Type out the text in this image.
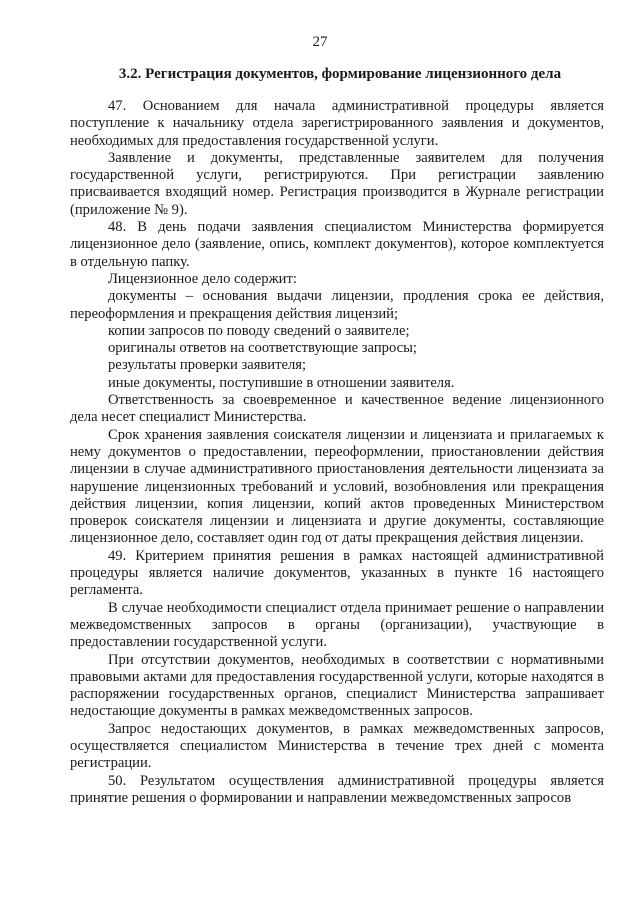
27
3.2. Регистрация документов, формирование лицензионного дела

47. Основанием для начала административной процедуры является поступление к начальнику отдела зарегистрированного заявления и документов, необходимых для предоставления государственной услуги.

Заявление и документы, представленные заявителем для получения государственной услуги, регистрируются. При регистрации заявлению присваивается входящий номер. Регистрация производится в Журнале регистрации (приложение № 9).

48. В день подачи заявления специалистом Министерства формируется лицензионное дело (заявление, опись, комплект документов), которое комплектуется в отдельную папку.

Лицензионное дело содержит:

документы – основания выдачи лицензии, продления срока ее действия, переоформления и прекращения действия лицензий;

копии запросов по поводу сведений о заявителе;

оригиналы ответов на соответствующие запросы;

результаты проверки заявителя;

иные документы, поступившие в отношении заявителя.

Ответственность за своевременное и качественное ведение лицензионного дела несет специалист Министерства.

Срок хранения заявления соискателя лицензии и лицензиата и прилагаемых к нему документов о предоставлении, переоформлении, приостановлении действия лицензии в случае административного приостановления деятельности лицензиата за нарушение лицензионных требований и условий, возобновления или прекращения действия лицензии, копия лицензии, копий актов проведенных Министерством проверок соискателя лицензии и лицензиата и другие документы, составляющие лицензионное дело, составляет один год от даты прекращения действия лицензии.

49. Критерием принятия решения в рамках настоящей административной процедуры является наличие документов, указанных в пункте 16 настоящего регламента.

В случае необходимости специалист отдела принимает решение о направлении межведомственных запросов в органы (организации), участвующие в предоставлении государственной услуги.

При отсутствии документов, необходимых в соответствии с нормативными правовыми актами для предоставления государственной услуги, которые находятся в распоряжении государственных органов, специалист Министерства запрашивает недостающие документы в рамках межведомственных запросов.

Запрос недостающих документов, в рамках межведомственных запросов, осуществляется специалистом Министерства в течение трех дней с момента регистрации.

50. Результатом осуществления административной процедуры является принятие решения о формировании и направлении межведомственных запросов
